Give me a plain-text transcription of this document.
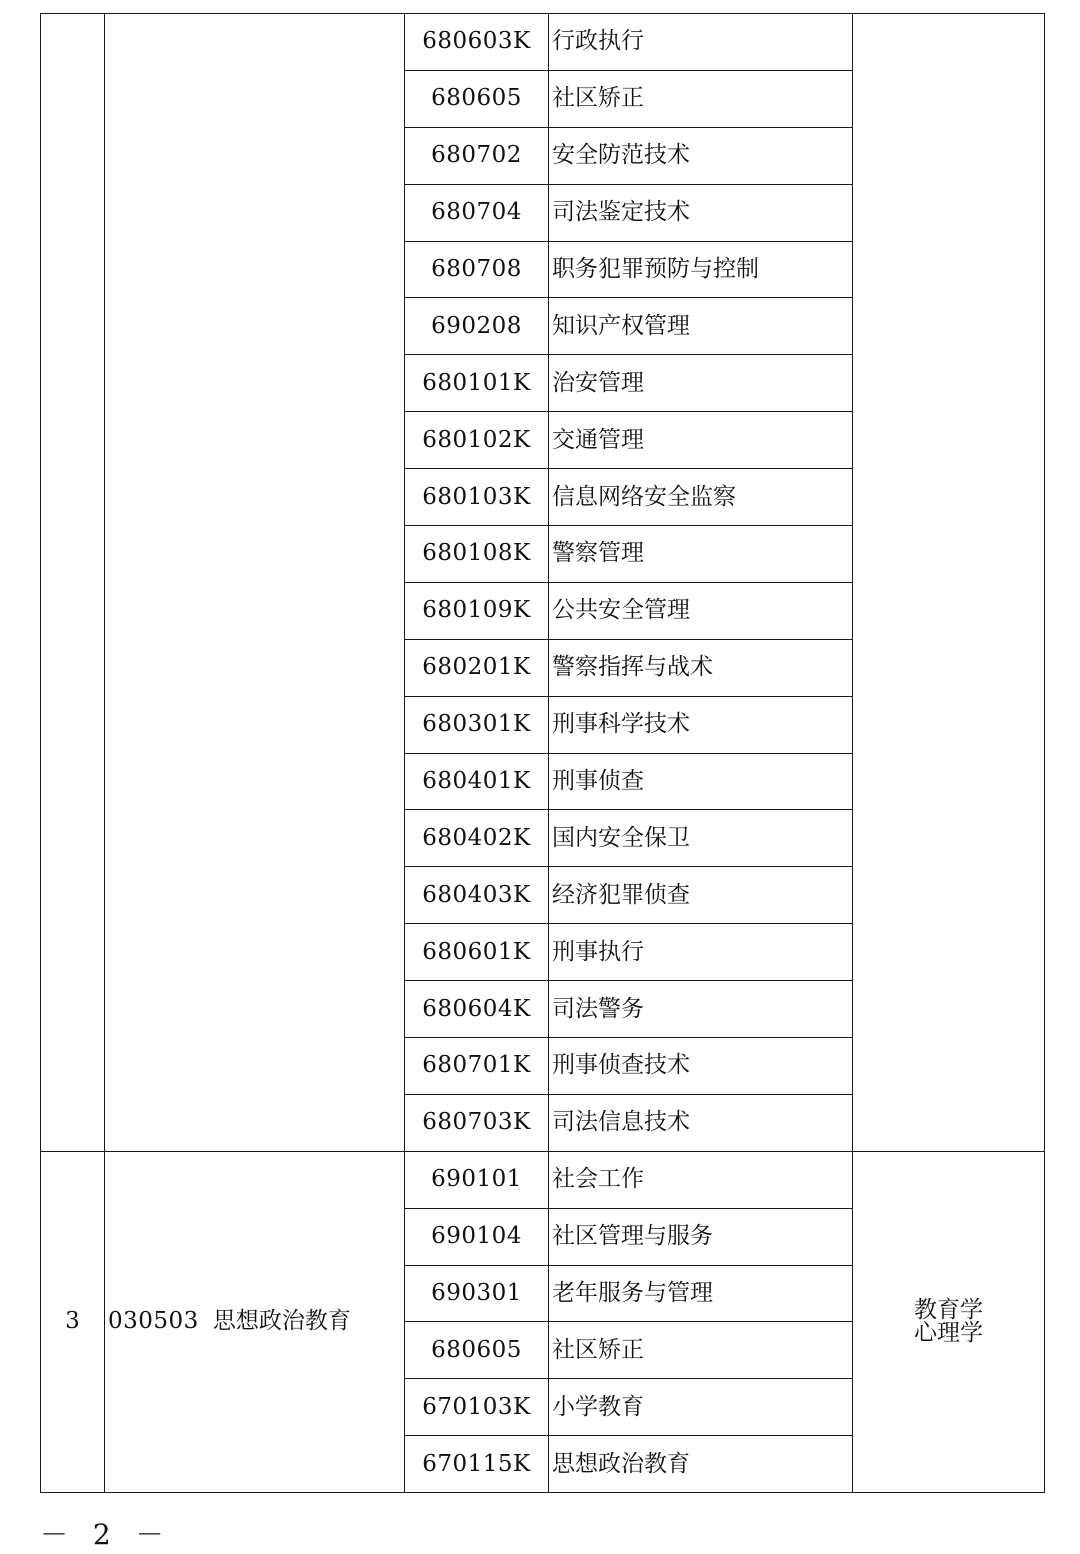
		680603K	行政执行	
		680605	社区矫正	
		680702	安全防范技术	
		680704	司法鉴定技术	
		680708	职务犯罪预防与控制	
		690208	知识产权管理	
		680101K	治安管理	
		680102K	交通管理	
		680103K	信息网络安全监察	
		680108K	警察管理	
		680109K	公共安全管理	
		680201K	警察指挥与战术	
		680301K	刑事科学技术	
		680401K	刑事侦查	
		680402K	国内安全保卫	
		680403K	经济犯罪侦查	
		680601K	刑事执行	
		680604K	司法警务	
		680701K	刑事侦查技术	
		680703K	司法信息技术	
3	030503 思想政治教育	690101	社会工作	教育学
心理学

		690104	社区管理与服务	
		690301	老年服务与管理	
		680605	社区矫正	
		670103K	小学教育	
		670115K	思想政治教育	
－ 2 －
